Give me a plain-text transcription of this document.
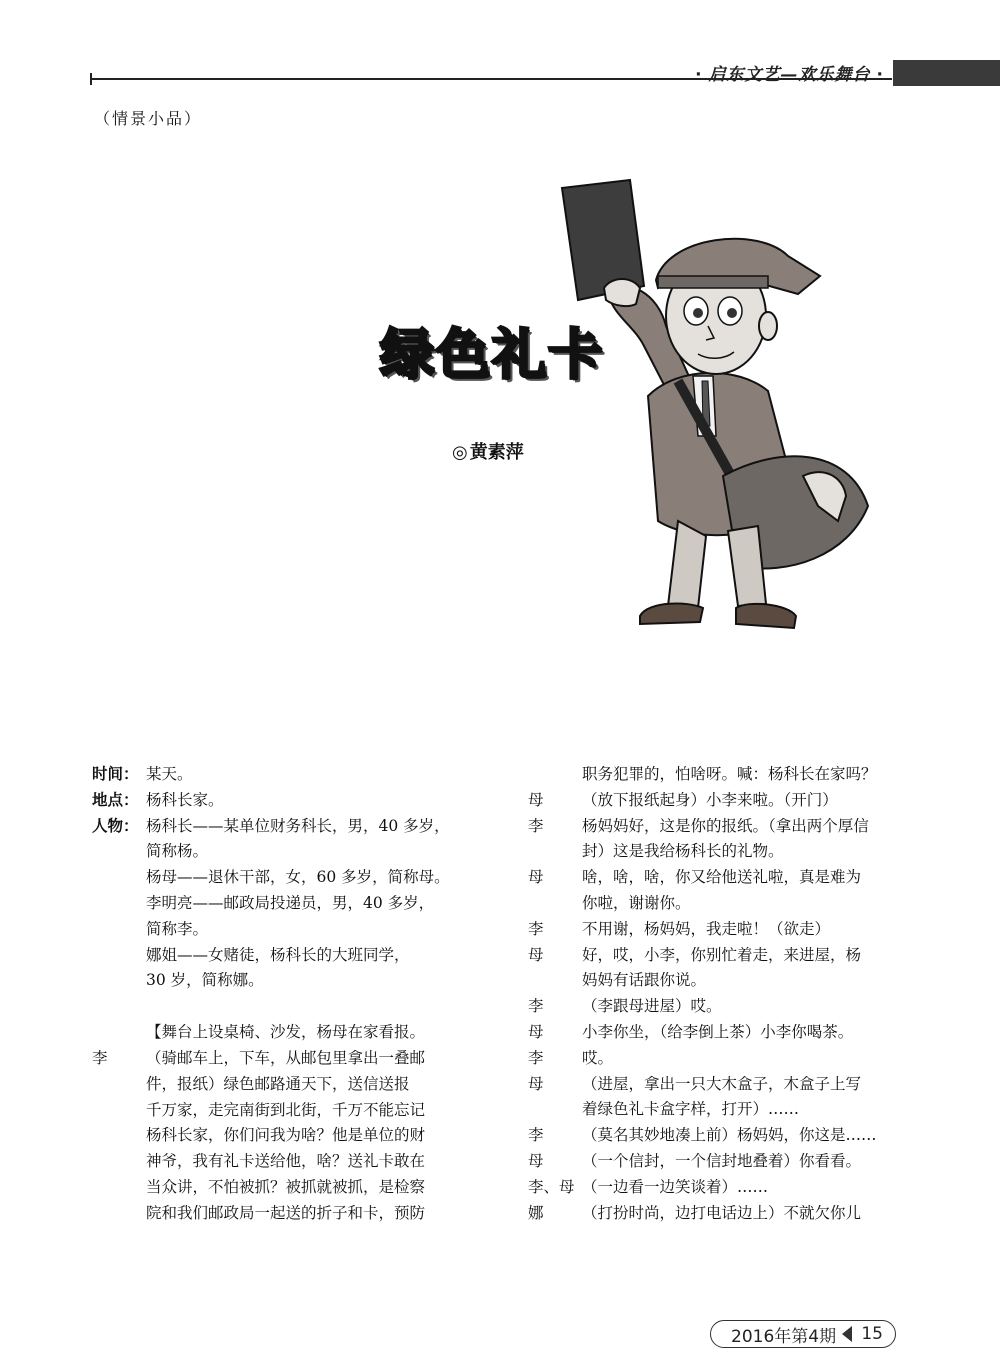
· 启东文艺—欢乐舞台 ·
（情景小品）
绿色礼卡
◎ 黄素萍
时间： 某天。
地点： 杨科长家。
人物： 杨科长——某单位财务科长，男，40 多岁，
简称杨。
杨母——退休干部，女，60 多岁，简称母。
李明亮——邮政局投递员，男，40 多岁，
简称李。
娜姐——女赌徒，杨科长的大班同学，
30 岁，简称娜。
【舞台上设桌椅、沙发，杨母在家看报。
李	（骑邮车上，下车，从邮包里拿出一叠邮
件，报纸）绿色邮路通天下，送信送报
千万家，走完南街到北街，千万不能忘记
杨科长家，你们问我为啥？他是单位的财
神爷，我有礼卡送给他，啥？送礼卡敢在
当众讲，不怕被抓？被抓就被抓，是检察
院和我们邮政局一起送的折子和卡，预防
职务犯罪的，怕啥呀。喊：杨科长在家吗？
母	（放下报纸起身）小李来啦。（开门）
李	杨妈妈好，这是你的报纸。（拿出两个厚信
封）这是我给杨科长的礼物。
母	啥，啥，啥，你又给他送礼啦，真是难为
你啦，谢谢你。
李	不用谢，杨妈妈，我走啦！（欲走）
母	好，哎，小李，你别忙着走，来进屋，杨
妈妈有话跟你说。
李	（李跟母进屋）哎。
母	小李你坐，（给李倒上茶）小李你喝茶。
李	哎。
母	（进屋，拿出一只大木盒子，木盒子上写
着绿色礼卡盒字样，打开）……
李	（莫名其妙地凑上前）杨妈妈，你这是……
母	（一个信封，一个信封地叠着）你看看。
李、母 （一边看一边笑谈着）……
娜	（打扮时尚，边打电话边上）不就欠你儿
2016年第4期 15
